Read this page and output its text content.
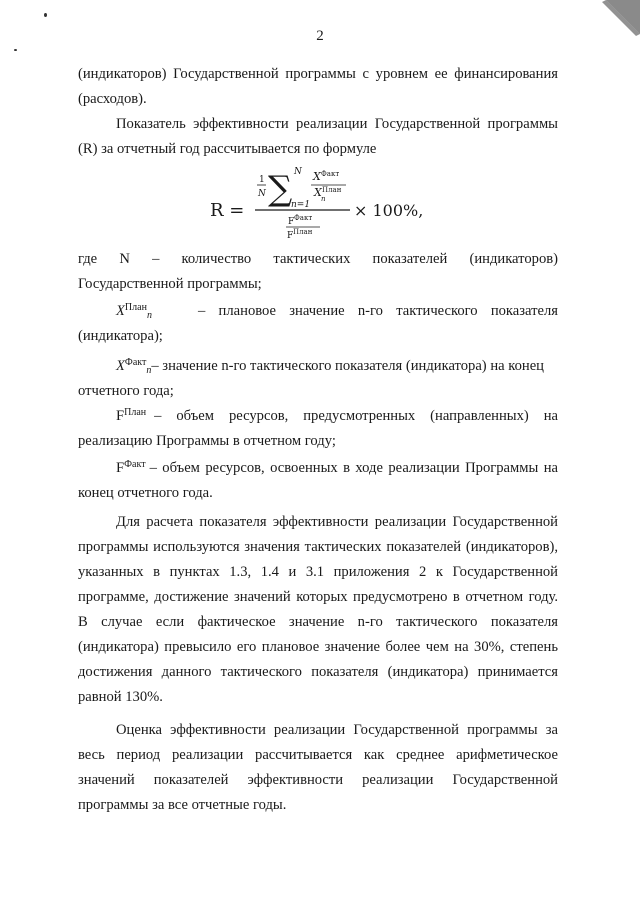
2

(индикаторов) Государственной программы с уровнем ее финансирования

(расходов).

Показатель эффективности реализации Государственной программы

(R) за отчетный год рассчитывается по формуле

R =
1
N ∑ N
n=1
X Факт
X План
n
F Факт
F План
× 100%,

где N – количество тактических показателей (индикаторов)

Государственной программы;

$X^{План}_n$	– плановое значение n-го тактического показателя

(индикатора);

$X^{Факт}_n$ – значение n-го тактического показателя (индикатора) на конец

отчетного года;

$F^{План}$ – объем ресурсов, предусмотренных (направленных) на

реализацию Программы в отчетном году;

$F^{Факт}$ – объем ресурсов, освоенных в ходе реализации Программы на

конец отчетного года.

Для расчета показателя эффективности реализации Государственной

программы используются значения тактических показателей (индикаторов),

указанных в пунктах 1.3, 1.4 и 3.1 приложения 2 к Государственной

программе, достижение значений которых предусмотрено в отчетном году.

В случае если фактическое значение n-го тактического показателя

(индикатора) превысило его плановое значение более чем на 30%, степень

достижения данного тактического показателя (индикатора) принимается

равной 130%.

Оценка эффективности реализации Государственной программы за

весь период реализации рассчитывается как среднее арифметическое

значений показателей эффективности реализации Государственной

программы за все отчетные годы.
